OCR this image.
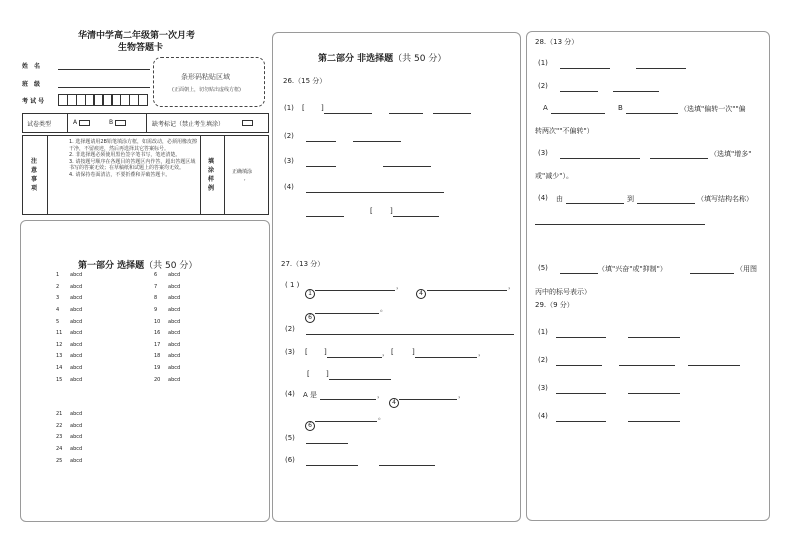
华清中学高二年级第一次月考
生物答题卡
姓　名
班　级
考 试 号
条形码粘贴区域
(正面朝上，切勿贴出虚线方框)
试卷类型	A	B	缺考标记（禁止考生填涂）
注意事项
1. 选择题请用2B铅笔填涂方框，如需改动，必须用橡皮擦干净，不留痕迹，然后再选择其它答案标号。
2. 非选择题必须使用黑色签字笔书写，笔迹清楚。
3. 请按题号顺序在各题目的答题区内作答，超出答题区域书写的答案无效；在草稿纸和试题上的答案均无效。
4. 请保持卷面清洁，不要折叠和弄破答题卡。
填涂样例
正确填涂
,
第一部分 选择题（共 50 分）
1 abcd
2 abcd
3 abcd
4 abcd
5 abcd
6 abcd
7 abcd
8 abcd
9 abcd
10 abcd
11 abcd
12 abcd
13 abcd
14 abcd
15 abcd
16 abcd
17 abcd
18 abcd
19 abcd
20 abcd
21 abcd
22 abcd
23 abcd
24 abcd
25 abcd
第二部分 非选择题（共 50 分）
26.（15 分）
(1) [ ]
(2)
(3)
(4)
[ ]
27.（13 分）
( 1 )
1
，
4
，
6
。
(2)
(3) [ ]	， [	]	，
[ ]
(4) A 是	，
4
，
6
。
(5)
(6)
28.（13 分）
(1)
(2)
A	B	（选填"偏转一次""偏
转两次""不偏转"）
(3)	（选填"增多"
或"减少"）。
(4) 由	到	（填写结构名称）
(5)	（填"兴奋"或"抑制"）	（用图
丙中的标号表示）
29.（9 分）
(1)
(2)
(3)
(4)
